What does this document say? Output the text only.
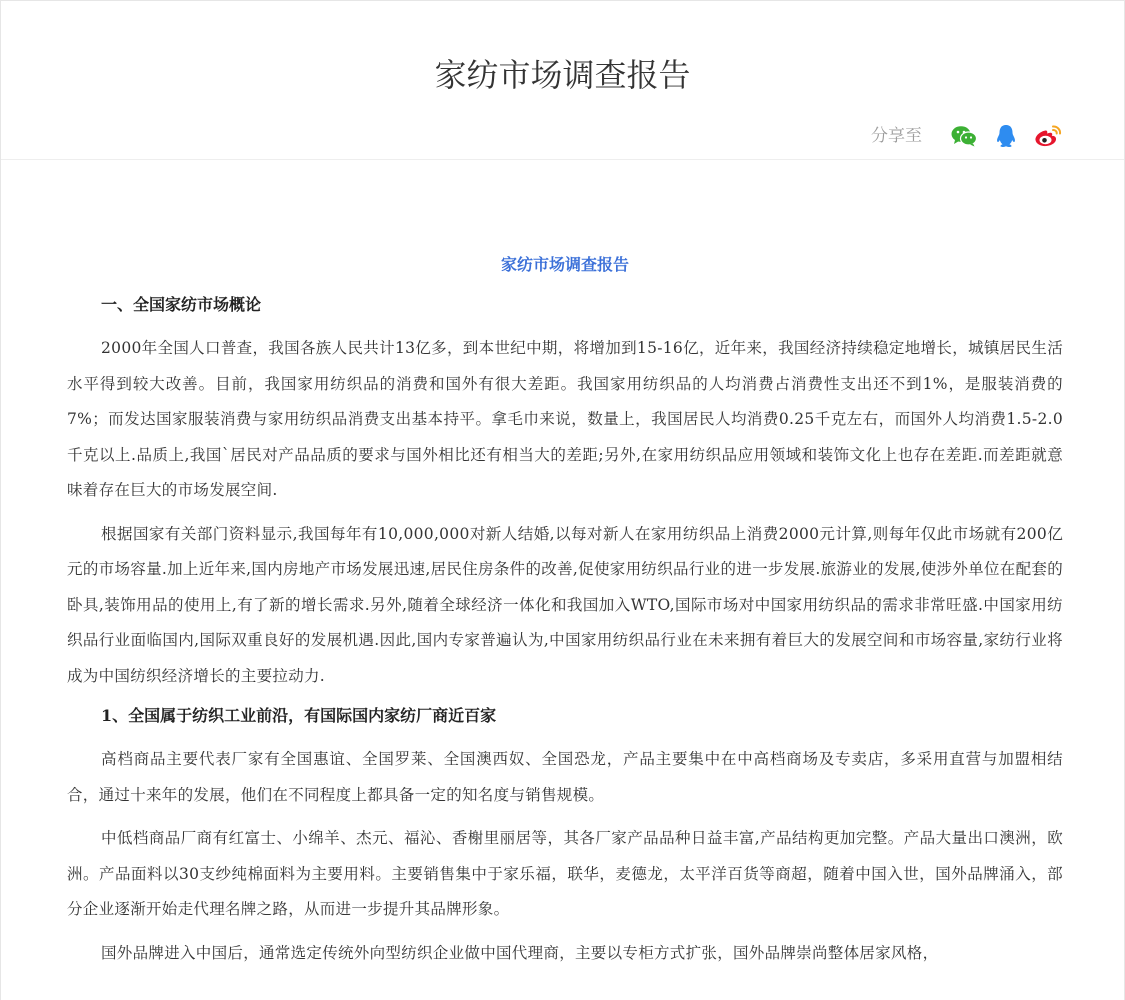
家纺市场调查报告
分享至
家纺市场调查报告
一、全国家纺市场概论

2000年全国人口普查，我国各族人民共计13亿多，到本世纪中期，将增加到15-16亿，近年来，我国经济持续稳定地增长，城镇居民生活水平得到较大改善。目前，我国家用纺织品的消费和国外有很大差距。我国家用纺织品的人均消费占消费性支出还不到1%，是服装消费的7%；而发达国家服装消费与家用纺织品消费支出基本持平。拿毛巾来说，数量上，我国居民人均消费0.25千克左右，而国外人均消费1.5-2.0千克以上.品质上,我国`居民对产品品质的要求与国外相比还有相当大的差距;另外,在家用纺织品应用领域和装饰文化上也存在差距.而差距就意味着存在巨大的市场发展空间.

根据国家有关部门资料显示,我国每年有10,000,000对新人结婚,以每对新人在家用纺织品上消费2000元计算,则每年仅此市场就有200亿元的市场容量.加上近年来,国内房地产市场发展迅速,居民住房条件的改善,促使家用纺织品行业的进一步发展.旅游业的发展,使涉外单位在配套的卧具,装饰用品的使用上,有了新的增长需求.另外,随着全球经济一体化和我国加入WTO,国际市场对中国家用纺织品的需求非常旺盛.中国家用纺织品行业面临国内,国际双重良好的发展机遇.因此,国内专家普遍认为,中国家用纺织品行业在未来拥有着巨大的发展空间和市场容量,家纺行业将成为中国纺织经济增长的主要拉动力.

1、全国属于纺织工业前沿，有国际国内家纺厂商近百家

高档商品主要代表厂家有全国惠谊、全国罗莱、全国澳西奴、全国恐龙，产品主要集中在中高档商场及专卖店，多采用直营与加盟相结合，通过十来年的发展，他们在不同程度上都具备一定的知名度与销售规模。

中低档商品厂商有红富士、小绵羊、杰元、福沁、香榭里丽居等，其各厂家产品品种日益丰富,产品结构更加完整。产品大量出口澳洲，欧洲。产品面料以30支纱纯棉面料为主要用料。主要销售集中于家乐福，联华，麦德龙，太平洋百货等商超，随着中国入世，国外品牌涌入，部分企业逐渐开始走代理名牌之路，从而进一步提升其品牌形象。

国外品牌进入中国后，通常选定传统外向型纺织企业做中国代理商，主要以专柜方式扩张，国外品牌崇尚整体居家风格，
